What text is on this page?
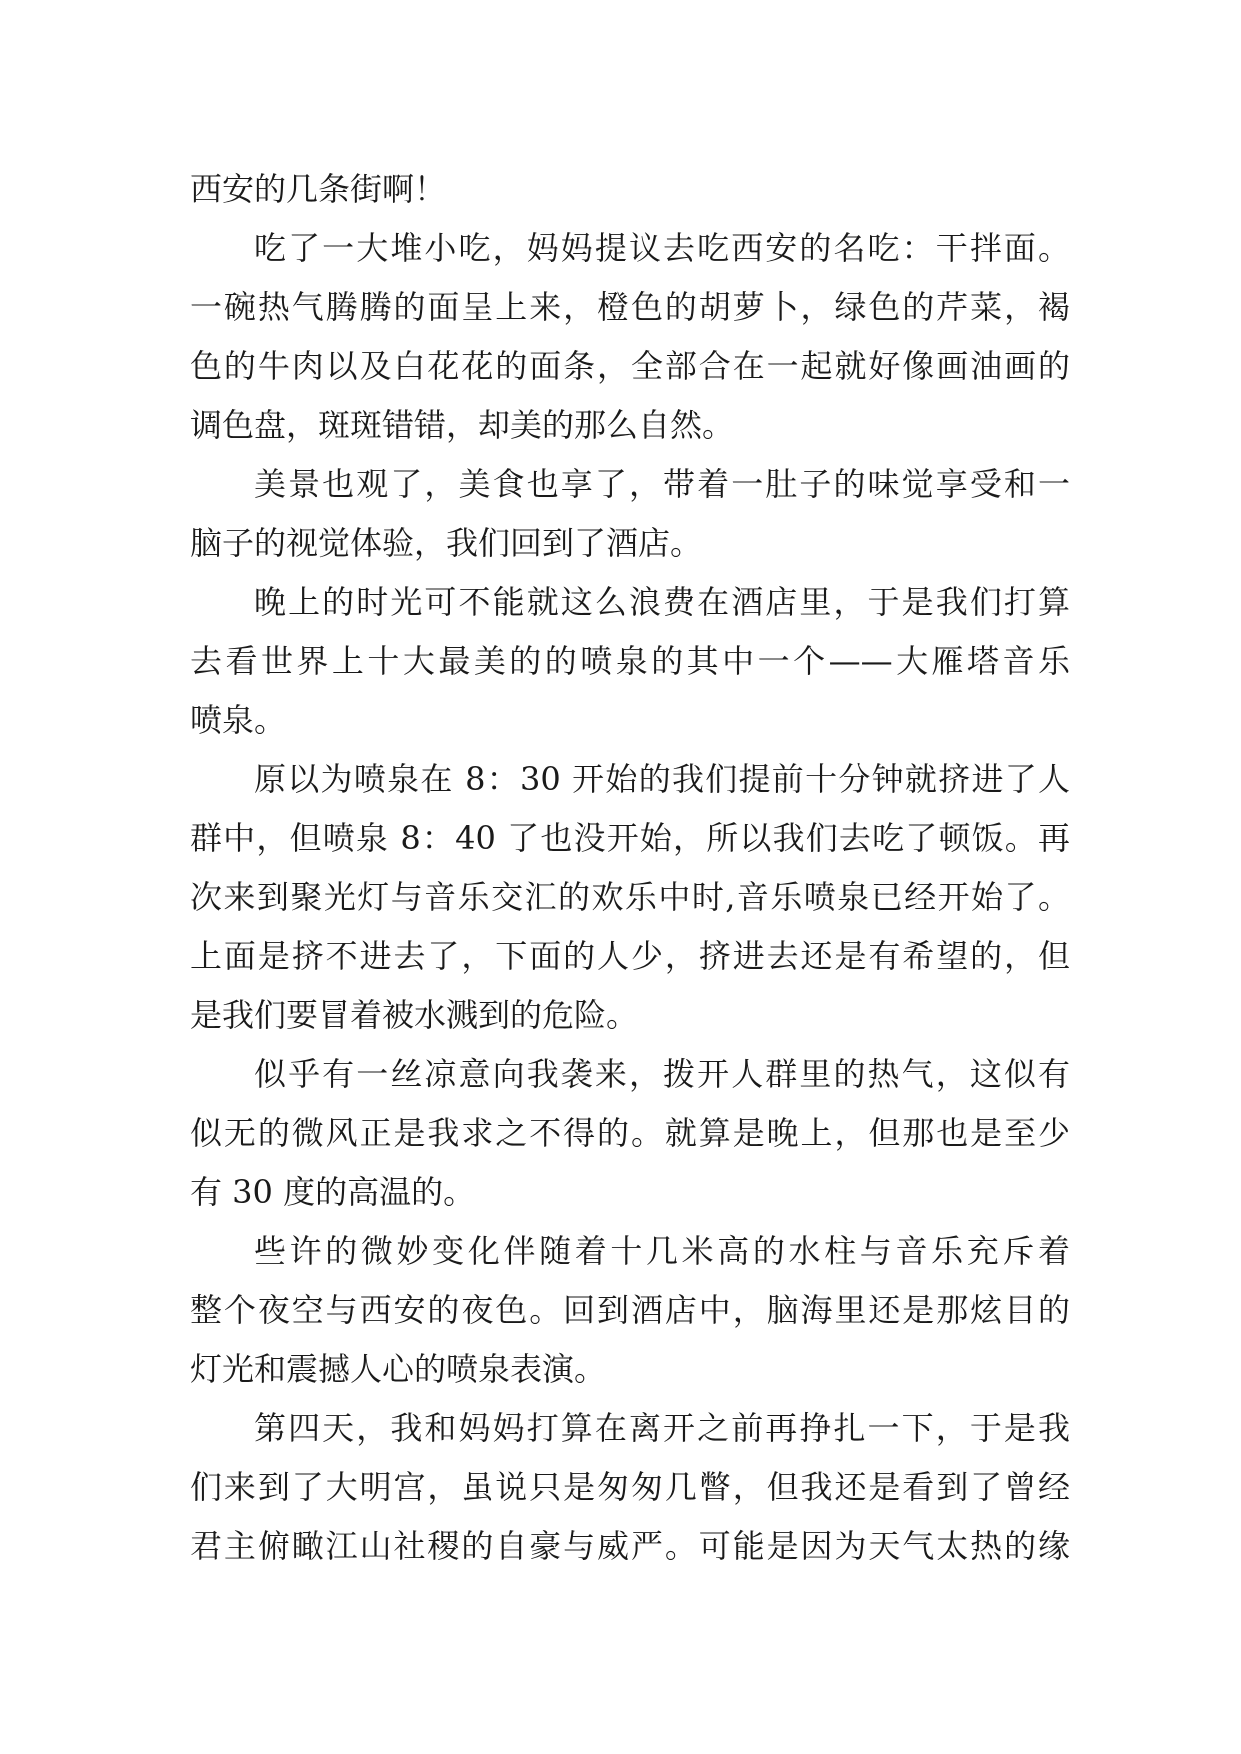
西安的几条街啊！
吃了一大堆小吃，妈妈提议去吃西安的名吃：干拌面。
一碗热气腾腾的面呈上来，橙色的胡萝卜，绿色的芹菜，褐
色的牛肉以及白花花的面条，全部合在一起就好像画油画的
调色盘，斑斑错错，却美的那么自然。
美景也观了，美食也享了，带着一肚子的味觉享受和一
脑子的视觉体验，我们回到了酒店。
晚上的时光可不能就这么浪费在酒店里，于是我们打算
去看世界上十大最美的的喷泉的其中一个——大雁塔音乐
喷泉。
原以为喷泉在 8：30 开始的我们提前十分钟就挤进了人
群中，但喷泉 8：40 了也没开始，所以我们去吃了顿饭。再
次来到聚光灯与音乐交汇的欢乐中时,音乐喷泉已经开始了。
上面是挤不进去了，下面的人少，挤进去还是有希望的，但
是我们要冒着被水溅到的危险。
似乎有一丝凉意向我袭来，拨开人群里的热气，这似有
似无的微风正是我求之不得的。就算是晚上，但那也是至少
有 30 度的高温的。
些许的微妙变化伴随着十几米高的水柱与音乐充斥着
整个夜空与西安的夜色。回到酒店中，脑海里还是那炫目的
灯光和震撼人心的喷泉表演。
第四天，我和妈妈打算在离开之前再挣扎一下，于是我
们来到了大明宫，虽说只是匆匆几瞥，但我还是看到了曾经
君主俯瞰江山社稷的自豪与威严。可能是因为天气太热的缘
